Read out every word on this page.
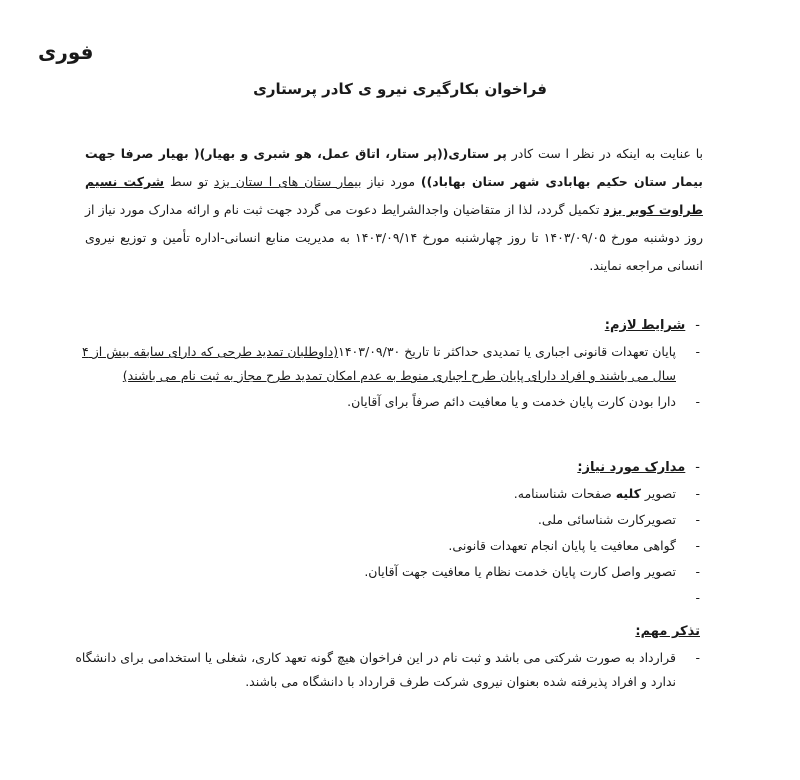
فوری
فراخوان بکارگیری نیرو ی کادر پرستاری
با عنایت به اینکه در نظر ا ست کادر پر ستاری((پر ستار، اتاق عمل، هو شبری و بهیار)( بهیار صرفا جهت بیمار ستان حکیم بهابادی شهر ستان بهاباد)) مورد نیاز بیمار ستان های ا ستان یزد تو سط شرکت نسیم طراوت کویر یزد تکمیل گردد، لذا از متقاضیان واجدالشرایط دعوت می گردد جهت ثبت نام و ارائه مدارک مورد نیاز از روز دوشنبه مورخ ۱۴۰۳/۰۹/۰۵ تا روز چهارشنبه مورخ ۱۴۰۳/۰۹/۱۴ به مدیریت منابع انسانی-اداره تأمین و توزیع نیروی انسانی مراجعه نمایند.
-شرایط لازم:
-
پایان تعهدات قانونی اجباری یا تمدیدی حداکثر تا تاریخ ۱۴۰۳/۰۹/۳۰(داوطلبان تمدید طرحی که دارای سابقه بیش از ۴ سال می باشند و افراد دارای پایان طرح اجباری منوط به عدم امکان تمدید طرح مجاز به ثبت نام می باشند)
-
دارا بودن کارت پایان خدمت و یا معافیت دائم صرفاً برای آقایان.
-مدارک مورد نیاز:
-
تصویر کلیه صفحات شناسنامه.
-
تصویرکارت شناسائی ملی.
-
گواهی معافیت یا پایان انجام تعهدات قانونی.
-
تصویر واصل کارت پایان خدمت نظام یا معافیت جهت آقایان.
-
تذکر مهم:
-
قرارداد به صورت شرکتی می باشد و ثبت نام در این فراخوان هیچ گونه تعهد کاری، شغلی یا استخدامی برای دانشگاه ندارد و افراد پذیرفته شده بعنوان نیروی شرکت طرف قرارداد با دانشگاه می باشند.
